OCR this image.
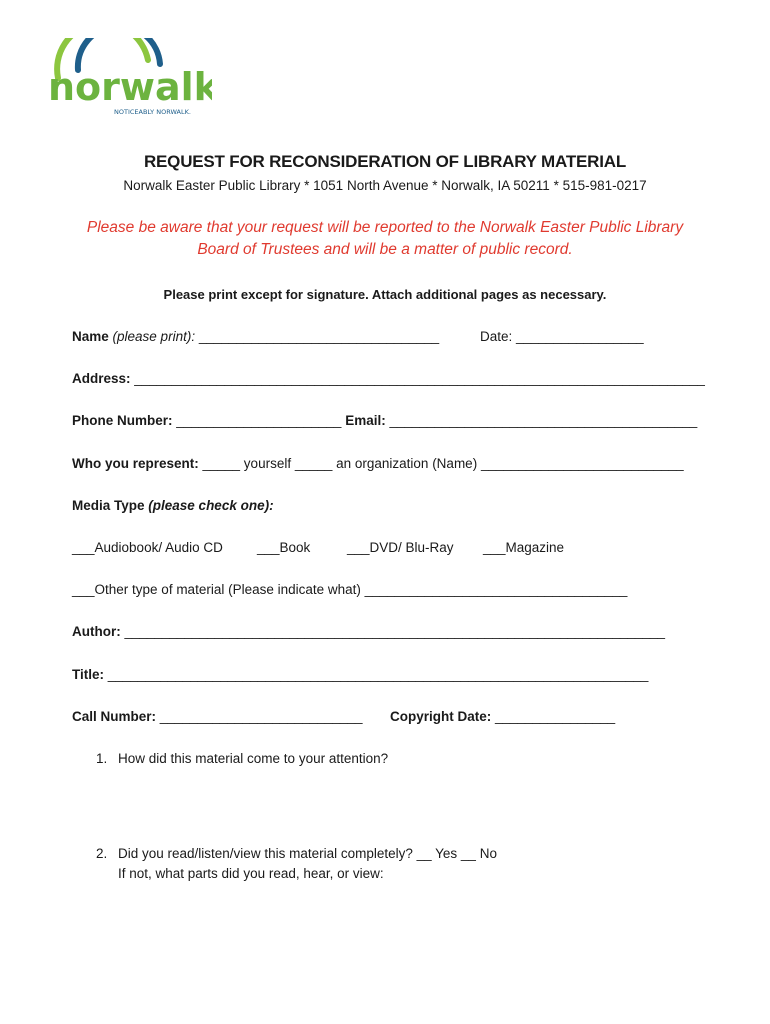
norwalk
NOTICEABLY NORWALK.
REQUEST FOR RECONSIDERATION OF LIBRARY MATERIAL
Norwalk Easter Public Library * 1051 North Avenue * Norwalk, IA 50211 * 515-981-0217
Please be aware that your request will be reported to the Norwalk Easter Public Library
Board of Trustees and will be a matter of public record.
Please print except for signature. Attach additional pages as necessary.
Name (please print): ________________________________	Date: _________________
Address: ____________________________________________________________________________
Phone Number: ______________________ Email: _________________________________________
Who you represent: _____ yourself _____ an organization (Name) ___________________________
Media Type (please check one):
___Audiobook/ Audio CD	___Book	___DVD/ Blu-Ray ___Magazine
___Other type of material (Please indicate what) ___________________________________
Author: ________________________________________________________________________
Title: ________________________________________________________________________
Call Number: ___________________________ Copyright Date: ________________
1. How did this material come to your attention?
2. Did you read/listen/view this material completely? __ Yes __ No
If not, what parts did you read, hear, or view:
